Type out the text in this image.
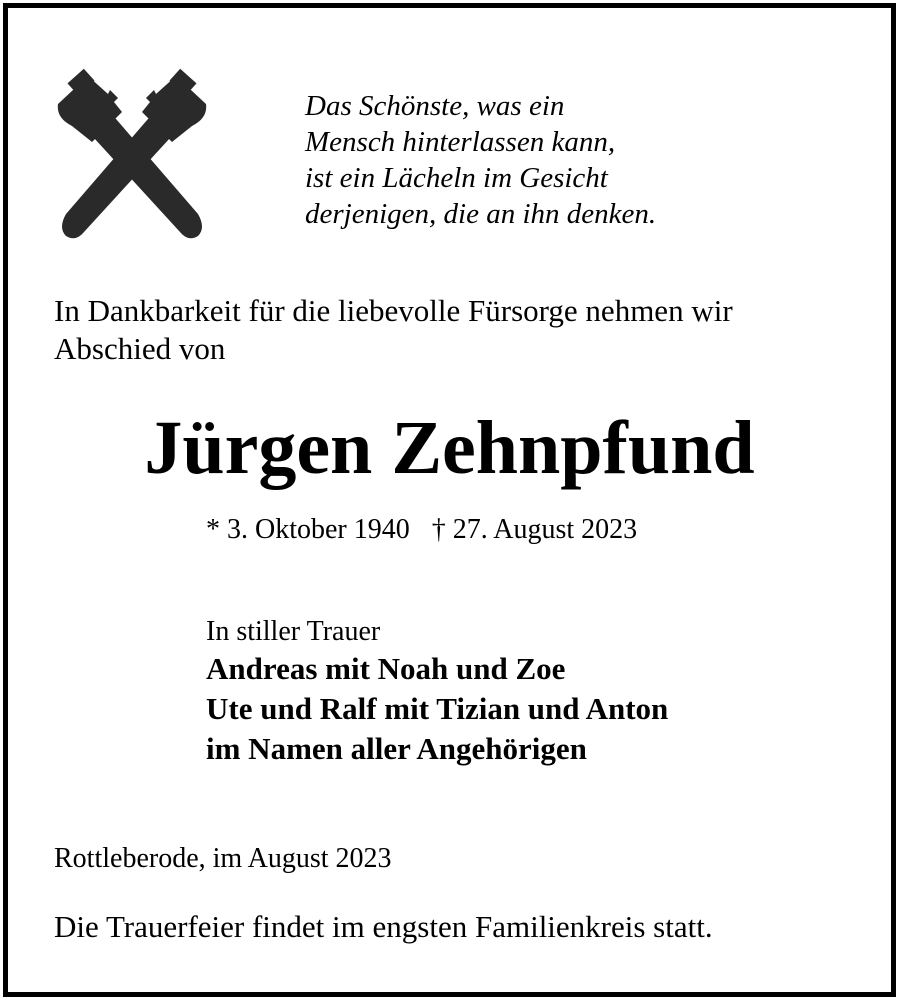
Das Schönste, was ein
Mensch hinterlassen kann,
ist ein Lächeln im Gesicht
derjenigen, die an ihn denken.
In Dankbarkeit für die liebevolle Fürsorge nehmen wir
Abschied von
Jürgen Zehnpfund
* 3. Oktober 1940 † 27. August 2023
In stiller Trauer
Andreas mit Noah und Zoe
Ute und Ralf mit Tizian und Anton
im Namen aller Angehörigen
Rottleberode, im August 2023
Die Trauerfeier findet im engsten Familienkreis statt.
